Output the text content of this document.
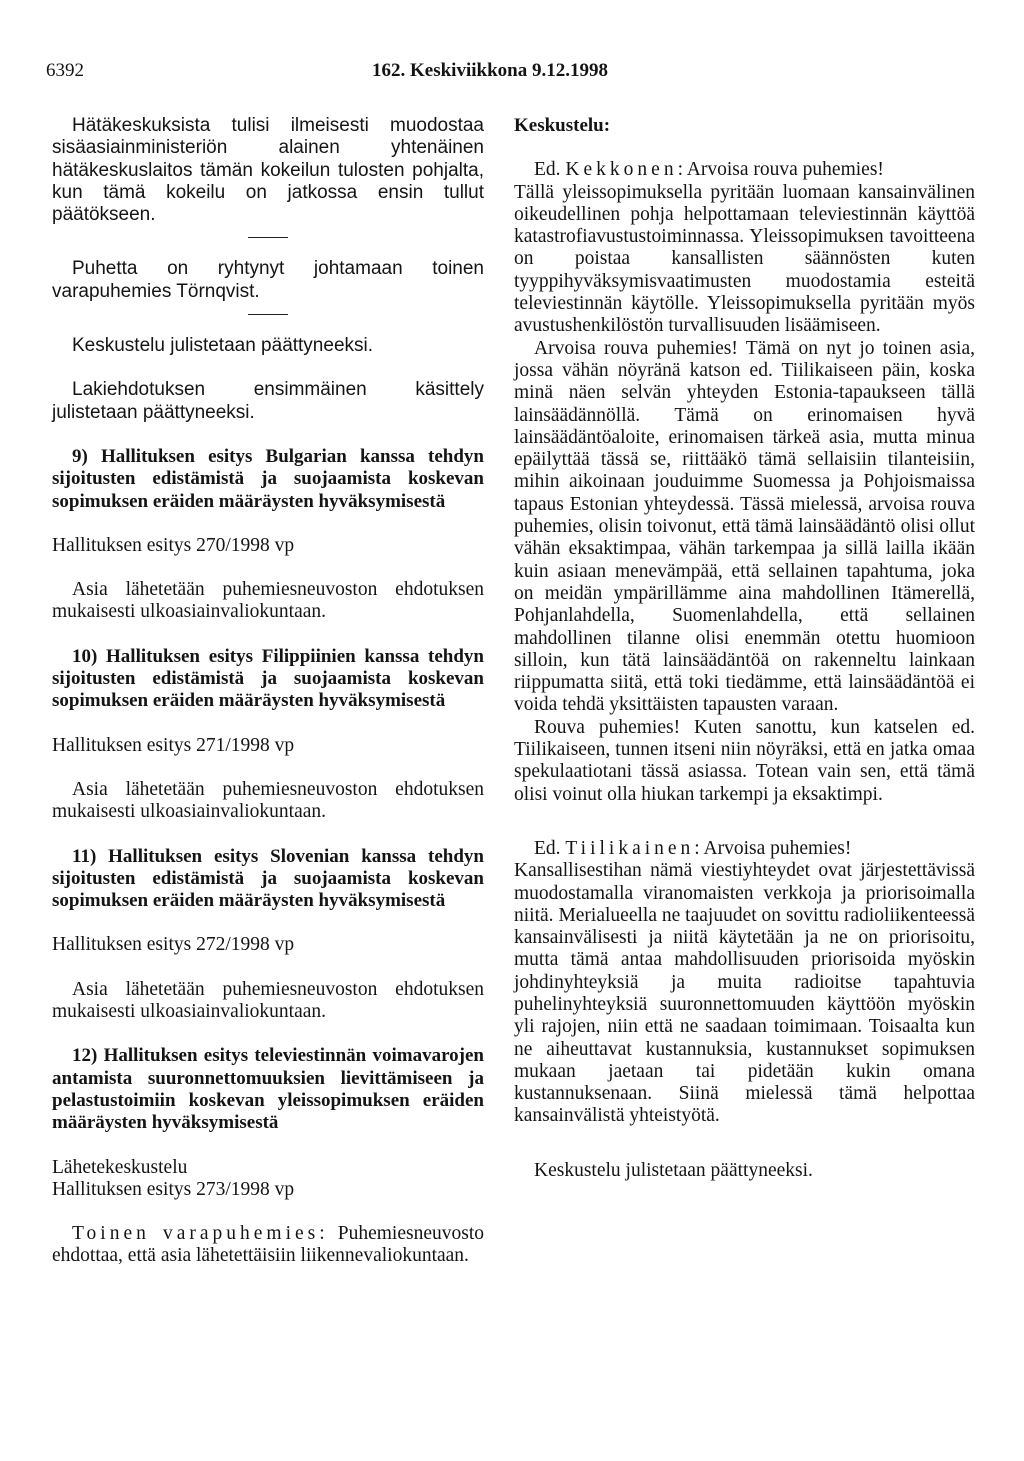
6392	162. Keskiviikkona 9.12.1998

Hätäkeskuksista tulisi ilmeisesti muodostaa sisäasiainministeriön alainen yhtenäinen hätäkeskuslaitos tämän kokeilun tulosten pohjalta, kun tämä kokeilu on jatkossa ensin tullut päätökseen.

Puhetta on ryhtynyt johtamaan toinen varapuhemies Törnqvist.

Keskustelu julistetaan päättyneeksi.

Lakiehdotuksen ensimmäinen käsittely julistetaan päättyneeksi.

9) Hallituksen esitys Bulgarian kanssa tehdyn sijoitusten edistämistä ja suojaamista koskevan sopimuksen eräiden määräysten hyväksymisestä

Hallituksen esitys 270/1998 vp

Asia lähetetään puhemiesneuvoston ehdotuksen mukaisesti ulkoasiainvaliokuntaan.

10) Hallituksen esitys Filippiinien kanssa tehdyn sijoitusten edistämistä ja suojaamista koskevan sopimuksen eräiden määräysten hyväksymisestä

Hallituksen esitys 271/1998 vp

Asia lähetetään puhemiesneuvoston ehdotuksen mukaisesti ulkoasiainvaliokuntaan.

11) Hallituksen esitys Slovenian kanssa tehdyn sijoitusten edistämistä ja suojaamista koskevan sopimuksen eräiden määräysten hyväksymisestä

Hallituksen esitys 272/1998 vp

Asia lähetetään puhemiesneuvoston ehdotuksen mukaisesti ulkoasiainvaliokuntaan.

12) Hallituksen esitys televiestinnän voimavarojen antamista suuronnettomuuksien lievittämiseen ja pelastustoimiin koskevan yleissopimuksen eräiden määräysten hyväksymisestä

Lähetekeskustelu

Hallituksen esitys 273/1998 vp

Toinen varapuhemies: Puhemiesneuvosto ehdottaa, että asia lähetettäisiin liikennevaliokuntaan.

Keskustelu:

Ed. Kekkonen: Arvoisa rouva puhemies!

Tällä yleissopimuksella pyritään luomaan kansainvälinen oikeudellinen pohja helpottamaan televiestinnän käyttöä katastrofiavustustoiminnassa. Yleissopimuksen tavoitteena on poistaa kansallisten säännösten kuten tyyppihyväksymisvaatimusten muodostamia esteitä televiestinnän käytölle. Yleissopimuksella pyritään myös avustushenkilöstön turvallisuuden lisäämiseen.

Arvoisa rouva puhemies! Tämä on nyt jo toinen asia, jossa vähän nöyränä katson ed. Tiilikaiseen päin, koska minä näen selvän yhteyden Estonia-tapaukseen tällä lainsäädännöllä. Tämä on erinomaisen hyvä lainsäädäntöaloite, erinomaisen tärkeä asia, mutta minua epäilyttää tässä se, riittääkö tämä sellaisiin tilanteisiin, mihin aikoinaan jouduimme Suomessa ja Pohjoismaissa tapaus Estonian yhteydessä. Tässä mielessä, arvoisa rouva puhemies, olisin toivonut, että tämä lainsäädäntö olisi ollut vähän eksaktimpaa, vähän tarkempaa ja sillä lailla ikään kuin asiaan menevämpää, että sellainen tapahtuma, joka on meidän ympärillämme aina mahdollinen Itämerellä, Pohjanlahdella, Suomenlahdella, että sellainen mahdollinen tilanne olisi enemmän otettu huomioon silloin, kun tätä lainsäädäntöä on rakenneltu lainkaan riippumatta siitä, että toki tiedämme, että lainsäädäntöä ei voida tehdä yksittäisten tapausten varaan.

Rouva puhemies! Kuten sanottu, kun katselen ed. Tiilikaiseen, tunnen itseni niin nöyräksi, että en jatka omaa spekulaatiotani tässä asiassa. Totean vain sen, että tämä olisi voinut olla hiukan tarkempi ja eksaktimpi.

Ed. Tiilikainen: Arvoisa puhemies!

Kansallisestihan nämä viestiyhteydet ovat järjestettävissä muodostamalla viranomaisten verkkoja ja priorisoimalla niitä. Merialueella ne taajuudet on sovittu radioliikenteessä kansainvälisesti ja niitä käytetään ja ne on priorisoitu, mutta tämä antaa mahdollisuuden priorisoida myöskin johdinyhteyksiä ja muita radioitse tapahtuvia puhelinyhteyksiä suuronnettomuuden käyttöön myöskin yli rajojen, niin että ne saadaan toimimaan. Toisaalta kun ne aiheuttavat kustannuksia, kustannukset sopimuksen mukaan jaetaan tai pidetään kukin omana kustannuksenaan. Siinä mielessä tämä helpottaa kansainvälistä yhteistyötä.

Keskustelu julistetaan päättyneeksi.
